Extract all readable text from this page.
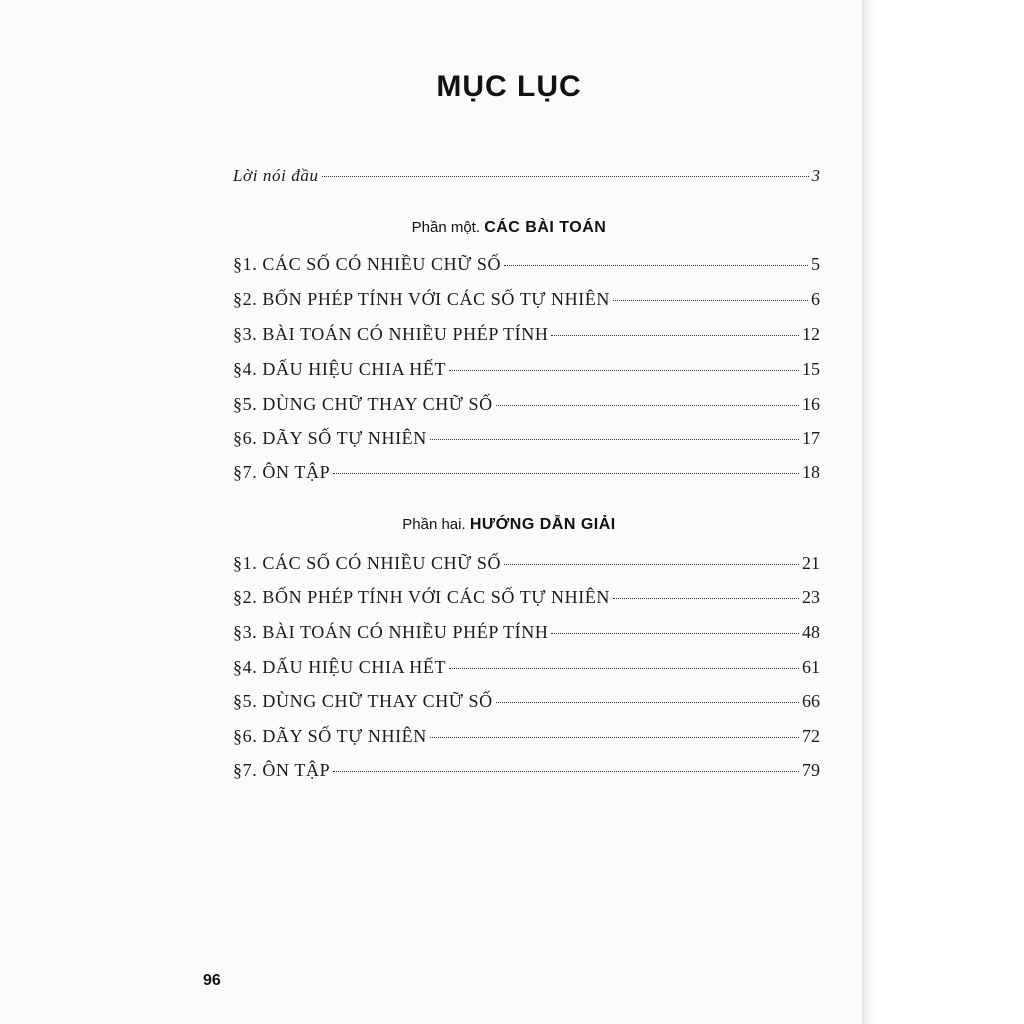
MỤC LỤC
Lời nói đầu	3
Phần một. CÁC BÀI TOÁN
§1. CÁC SỐ CÓ NHIỀU CHỮ SỐ	5
§2. BỐN PHÉP TÍNH VỚI CÁC SỐ TỰ NHIÊN	6
§3. BÀI TOÁN CÓ NHIỀU PHÉP TÍNH	12
§4. DẤU HIỆU CHIA HẾT	15
§5. DÙNG CHỮ THAY CHỮ SỐ	16
§6. DÃY SỐ TỰ NHIÊN	17
§7. ÔN TẬP	18
Phần hai. HƯỚNG DẪN GIẢI
§1. CÁC SỐ CÓ NHIỀU CHỮ SỐ	21
§2. BỐN PHÉP TÍNH VỚI CÁC SỐ TỰ NHIÊN	23
§3. BÀI TOÁN CÓ NHIỀU PHÉP TÍNH	48
§4. DẤU HIỆU CHIA HẾT	61
§5. DÙNG CHỮ THAY CHỮ SỐ	66
§6. DÃY SỐ TỰ NHIÊN	72
§7. ÔN TẬP	79
96
